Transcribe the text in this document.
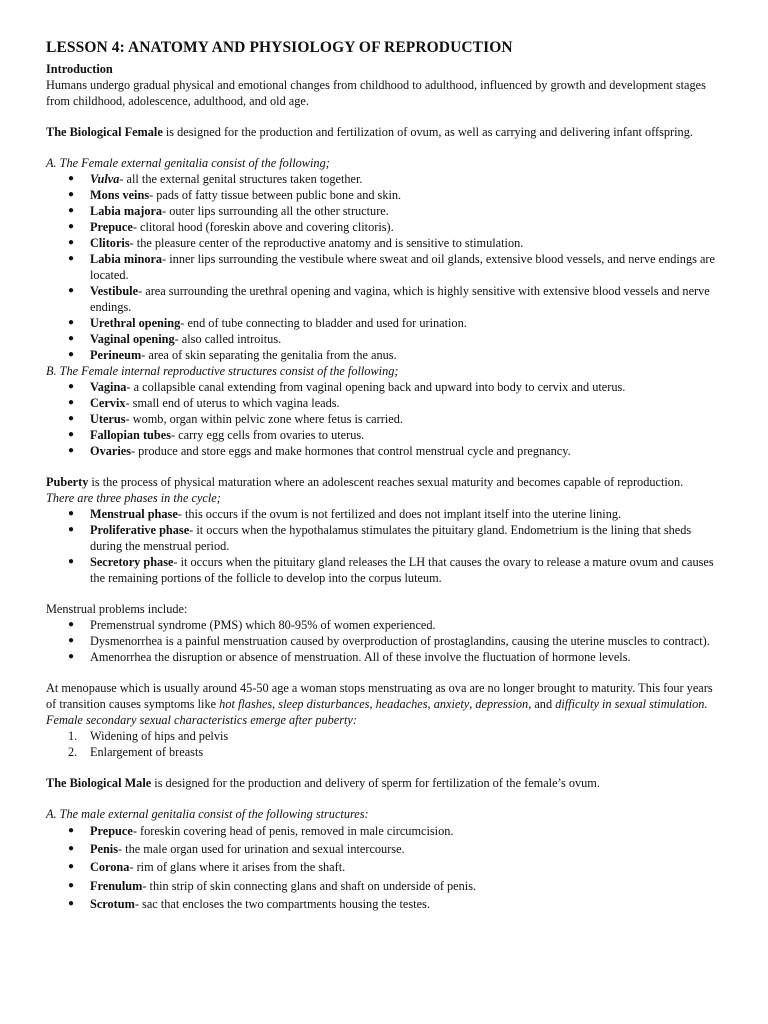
LESSON 4: ANATOMY AND PHYSIOLOGY OF REPRODUCTION

Introduction

Humans undergo gradual physical and emotional changes from childhood to adulthood, influenced by growth and development stages from childhood, adolescence, adulthood, and old age.

The Biological Female is designed for the production and fertilization of ovum, as well as carrying and delivering infant offspring.

A. The Female external genitalia consist of the following;

●	Vulva- all the external genital structures taken together.
●	Mons veins- pads of fatty tissue between public bone and skin.
●	Labia majora- outer lips surrounding all the other structure.
●	Prepuce- clitoral hood (foreskin above and covering clitoris).
●	Clitoris- the pleasure center of the reproductive anatomy and is sensitive to stimulation.
●	Labia minora- inner lips surrounding the vestibule where sweat and oil glands, extensive blood vessels, and nerve endings are located.
●	Vestibule- area surrounding the urethral opening and vagina, which is highly sensitive with extensive blood vessels and nerve endings.
●	Urethral opening- end of tube connecting to bladder and used for urination.
●	Vaginal opening- also called introitus.
●	Perineum- area of skin separating the genitalia from the anus.

B. The Female internal reproductive structures consist of the following;

●	Vagina- a collapsible canal extending from vaginal opening back and upward into body to cervix and uterus.
●	Cervix- small end of uterus to which vagina leads.
●	Uterus- womb, organ within pelvic zone where fetus is carried.
●	Fallopian tubes- carry egg cells from ovaries to uterus.
●	Ovaries- produce and store eggs and make hormones that control menstrual cycle and pregnancy.

Puberty is the process of physical maturation where an adolescent reaches sexual maturity and becomes capable of reproduction.

There are three phases in the cycle;

●	Menstrual phase- this occurs if the ovum is not fertilized and does not implant itself into the uterine lining.
●	Proliferative phase- it occurs when the hypothalamus stimulates the pituitary gland. Endometrium is the lining that sheds during the menstrual period.
●	Secretory phase- it occurs when the pituitary gland releases the LH that causes the ovary to release a mature ovum and causes the remaining portions of the follicle to develop into the corpus luteum.

Menstrual problems include:

●	Premenstrual syndrome (PMS) which 80-95% of women experienced.
●	Dysmenorrhea is a painful menstruation caused by overproduction of prostaglandins, causing the uterine muscles to contract).
●	Amenorrhea the disruption or absence of menstruation. All of these involve the fluctuation of hormone levels.

At menopause which is usually around 45-50 age a woman stops menstruating as ova are no longer brought to maturity. This four years of transition causes symptoms like hot flashes, sleep disturbances, headaches, anxiety, depression, and difficulty in sexual stimulation.

Female secondary sexual characteristics emerge after puberty:

1. Widening of hips and pelvis
2. Enlargement of breasts

The Biological Male is designed for the production and delivery of sperm for fertilization of the female’s ovum.

A. The male external genitalia consist of the following structures:

●	Prepuce- foreskin covering head of penis, removed in male circumcision.
●	Penis- the male organ used for urination and sexual intercourse.
●	Corona- rim of glans where it arises from the shaft.
●	Frenulum- thin strip of skin connecting glans and shaft on underside of penis.
●	Scrotum- sac that encloses the two compartments housing the testes.
